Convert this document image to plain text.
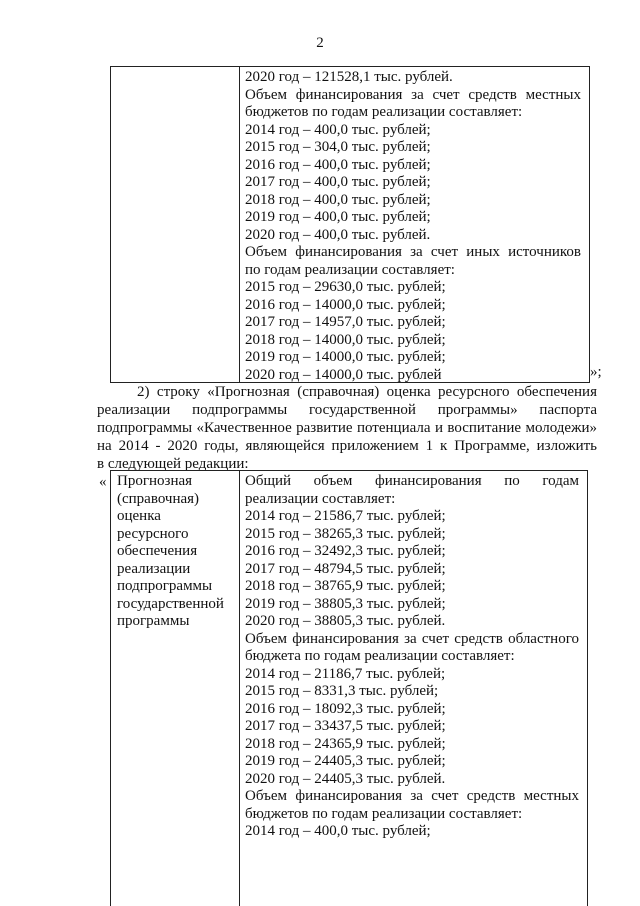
2
2020 год – 121528,1 тыс. рублей.
Объем финансирования за счет средств местных
бюджетов по годам реализации составляет:
2014 год – 400,0 тыс. рублей;
2015 год – 304,0 тыс. рублей;
2016 год – 400,0 тыс. рублей;
2017 год – 400,0 тыс. рублей;
2018 год – 400,0 тыс. рублей;
2019 год – 400,0 тыс. рублей;
2020 год – 400,0 тыс. рублей.
Объем финансирования за счет иных источников
по годам реализации составляет:
2015 год – 29630,0 тыс. рублей;
2016 год – 14000,0 тыс. рублей;
2017 год – 14957,0 тыс. рублей;
2018 год – 14000,0 тыс. рублей;
2019 год – 14000,0 тыс. рублей;
2020 год – 14000,0 тыс. рублей	»;
2) строку «Прогнозная (справочная) оценка ресурсного обеспечения
реализации подпрограммы государственной программы» паспорта
подпрограммы «Качественное развитие потенциала и воспитание молодежи»
на 2014 - 2020 годы, являющейся приложением 1 к Программе, изложить
в следующей редакции:
« Прогнозная
(справочная)
оценка
ресурсного
обеспечения
реализации
подпрограммы
государственной
программы
Общий объем финансирования по годам
реализации составляет:
2014 год – 21586,7 тыс. рублей;
2015 год – 38265,3 тыс. рублей;
2016 год – 32492,3 тыс. рублей;
2017 год – 48794,5 тыс. рублей;
2018 год – 38765,9 тыс. рублей;
2019 год – 38805,3 тыс. рублей;
2020 год – 38805,3 тыс. рублей.
Объем финансирования за счет средств областного
бюджета по годам реализации составляет:
2014 год – 21186,7 тыс. рублей;
2015 год – 8331,3 тыс. рублей;
2016 год – 18092,3 тыс. рублей;
2017 год – 33437,5 тыс. рублей;
2018 год – 24365,9 тыс. рублей;
2019 год – 24405,3 тыс. рублей;
2020 год – 24405,3 тыс. рублей.
Объем финансирования за счет средств местных
бюджетов по годам реализации составляет:
2014 год – 400,0 тыс. рублей;
